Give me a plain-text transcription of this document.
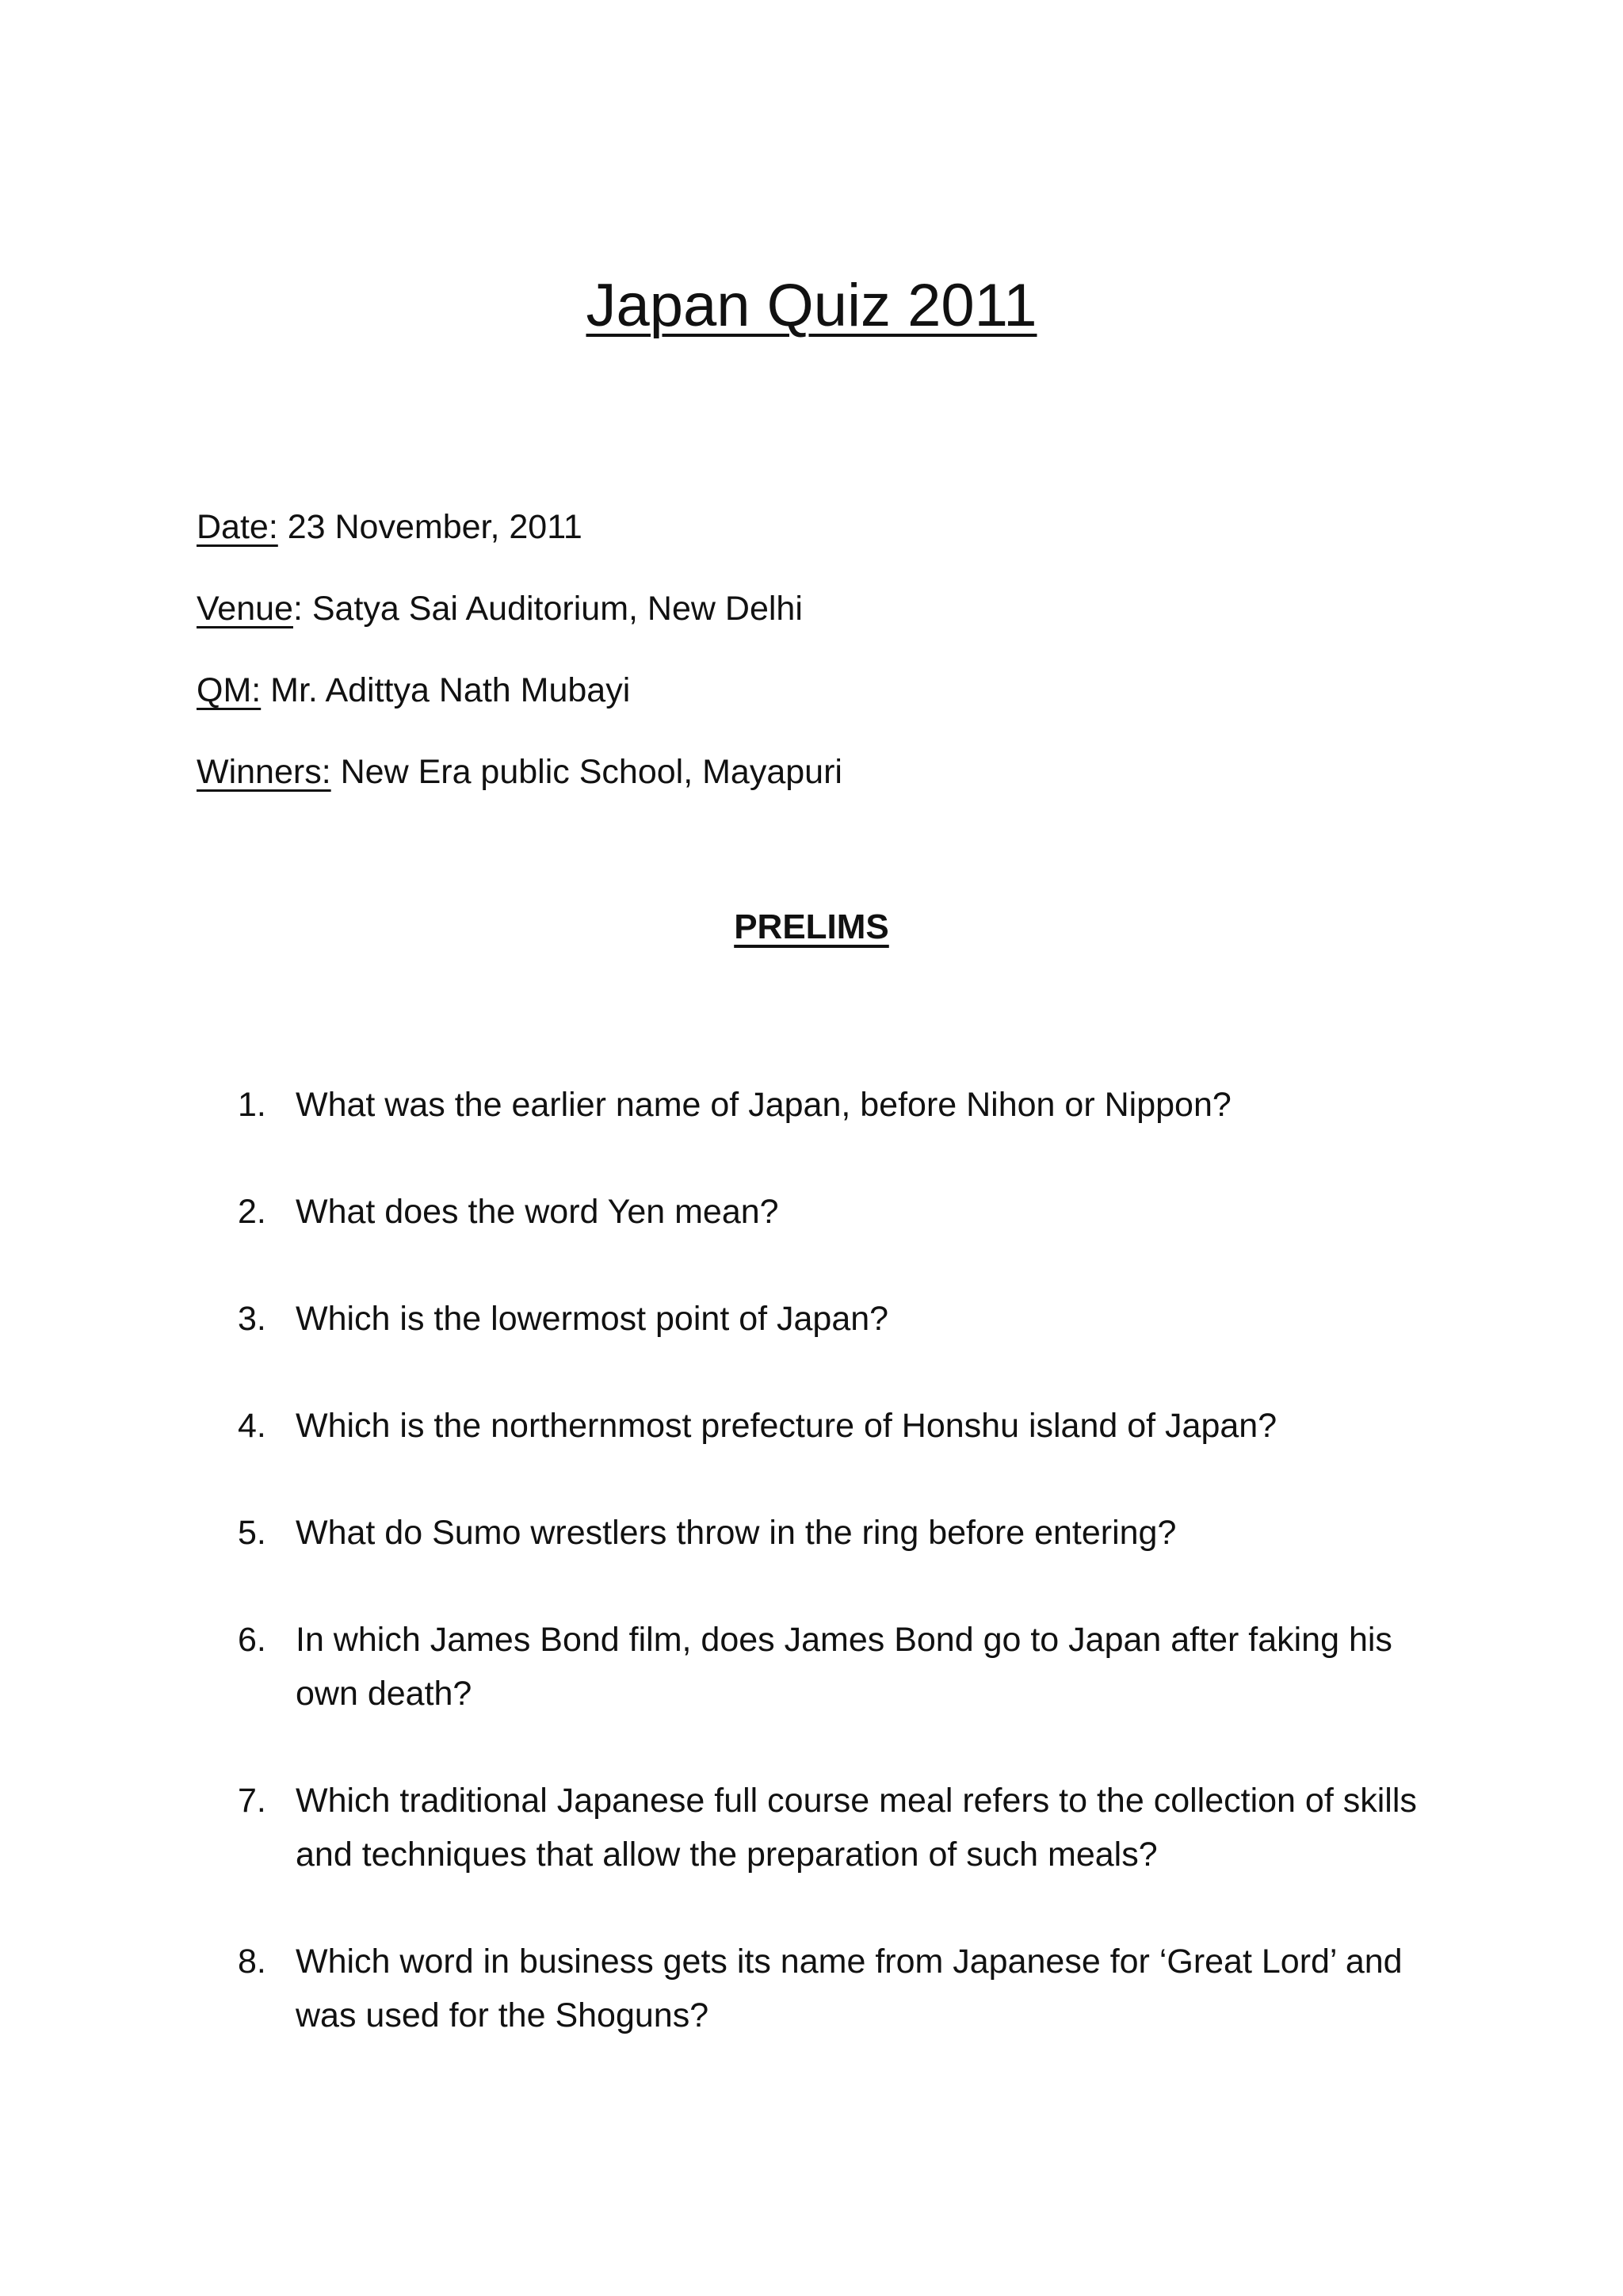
Japan Quiz 2011
Date: 23 November, 2011
Venue: Satya Sai Auditorium, New Delhi
QM: Mr. Adittya Nath Mubayi
Winners: New Era public School, Mayapuri
PRELIMS
1. What was the earlier name of Japan, before Nihon or Nippon?
2. What does the word Yen mean?
3. Which is the lowermost point of Japan?
4. Which is the northernmost prefecture of Honshu island of Japan?
5. What do Sumo wrestlers throw in the ring before entering?
6. In which James Bond film, does James Bond go to Japan after faking his own death?
7. Which traditional Japanese full course meal refers to the collection of skills and techniques that allow the preparation of such meals?
8. Which word in business gets its name from Japanese for ‘Great Lord’ and was used for the Shoguns?
